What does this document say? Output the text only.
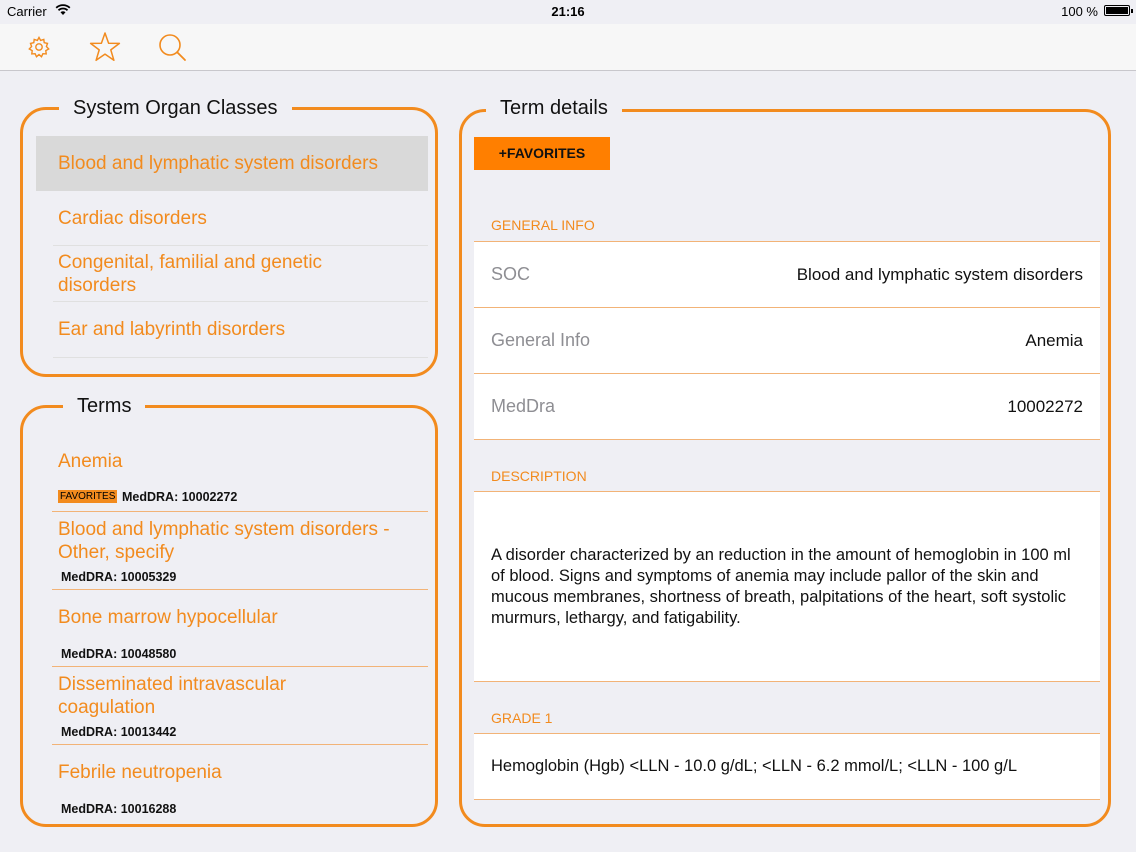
Carrier	21:16	100 %
System Organ Classes
Blood and lymphatic system disorders
Cardiac disorders
Congenital, familial and genetic disorders
Ear and labyrinth disorders
Terms
Anemia
FAVORITES MedDRA: 10002272
Blood and lymphatic system disorders - Other, specify
MedDRA: 10005329
Bone marrow hypocellular
MedDRA: 10048580
Disseminated intravascular coagulation
MedDRA: 10013442
Febrile neutropenia
MedDRA: 10016288
Term details
+FAVORITES
GENERAL INFO
SOC	Blood and lymphatic system disorders
General Info	Anemia
MedDra	10002272
DESCRIPTION
A disorder characterized by an reduction in the amount of hemoglobin in 100 ml of blood. Signs and symptoms of anemia may include pallor of the skin and mucous membranes, shortness of breath, palpitations of the heart, soft systolic murmurs, lethargy, and fatigability.
GRADE 1
Hemoglobin (Hgb) <LLN - 10.0 g/dL; <LLN - 6.2 mmol/L; <LLN - 100 g/L
